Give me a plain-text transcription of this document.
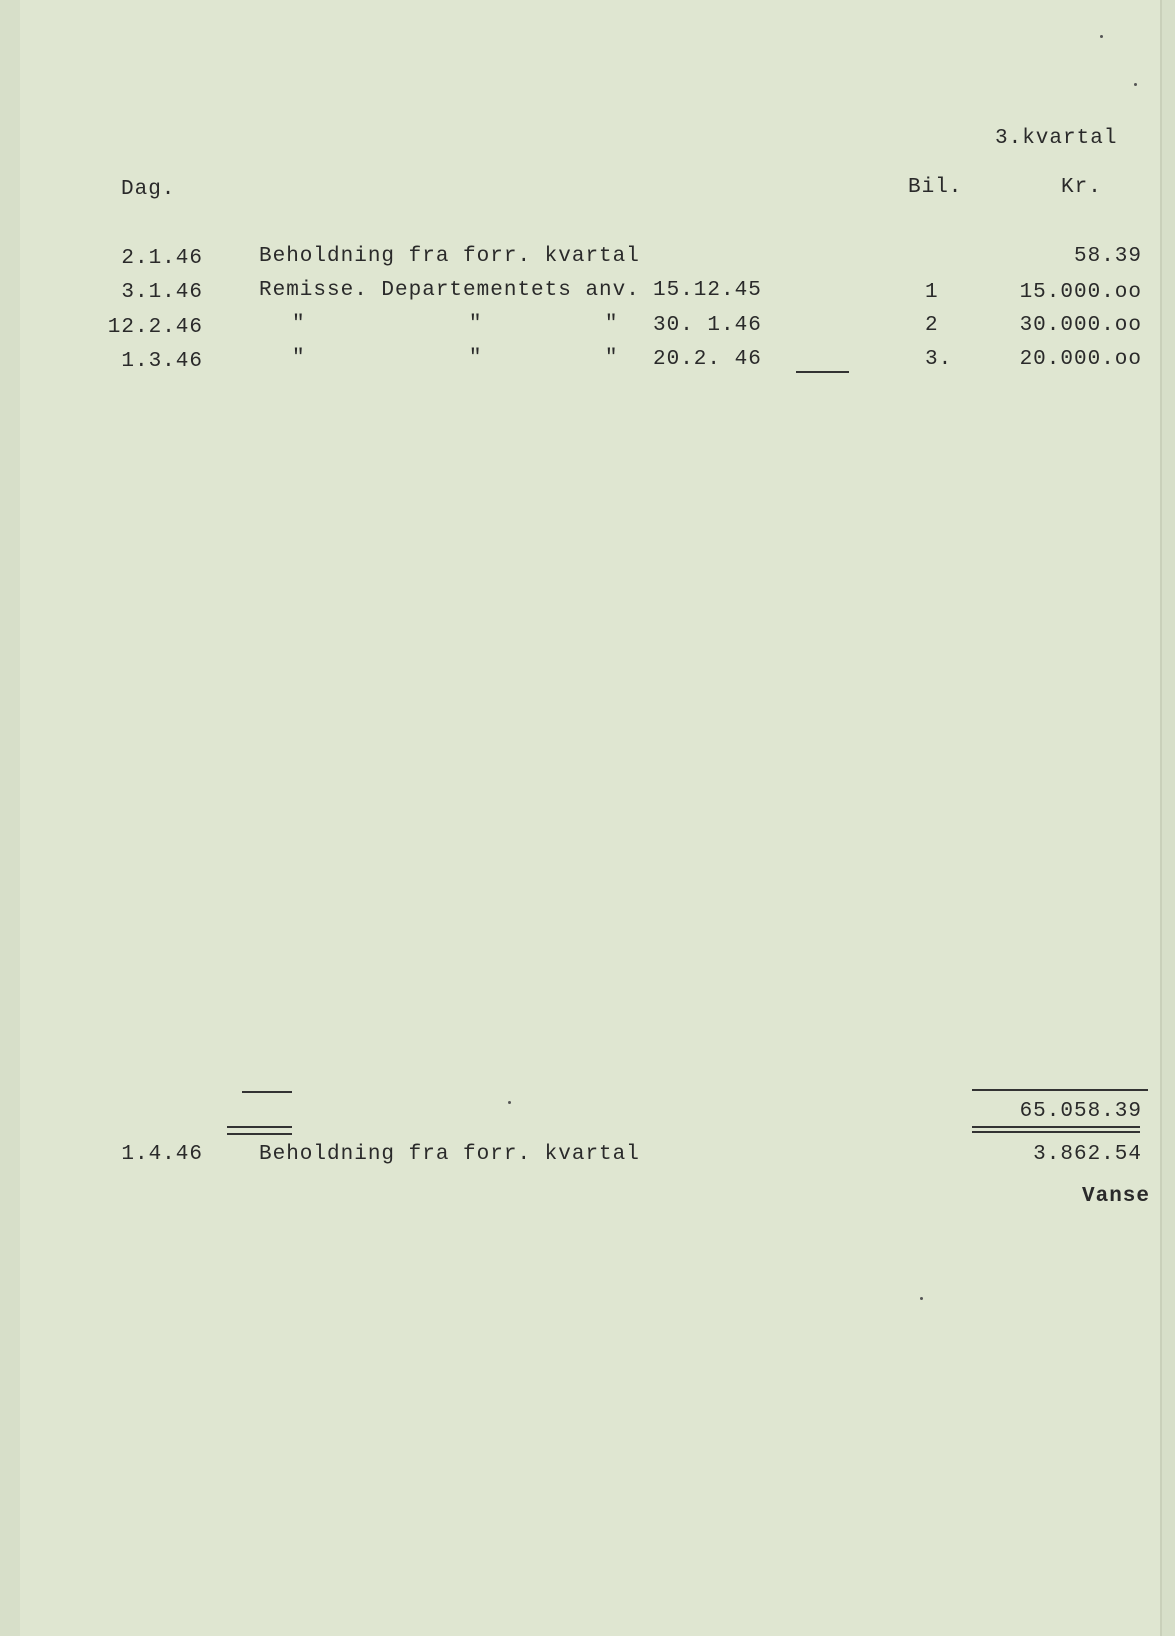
3.kvartal
Dag.	Bil.	Kr.
2.1.46	Beholdning fra forr. kvartal	58.39
3.1.46	Remisse. Departementets anv. 15.12.45	1	15.000.oo
12.2.46	"            "         " 30. 1.46	2	30.000.oo
1.3.46	"            "         " 20.2. 46	3.	20.000.oo
65.058.39
1.4.46	Beholdning fra forr. kvartal	3.862.54
Vanse
